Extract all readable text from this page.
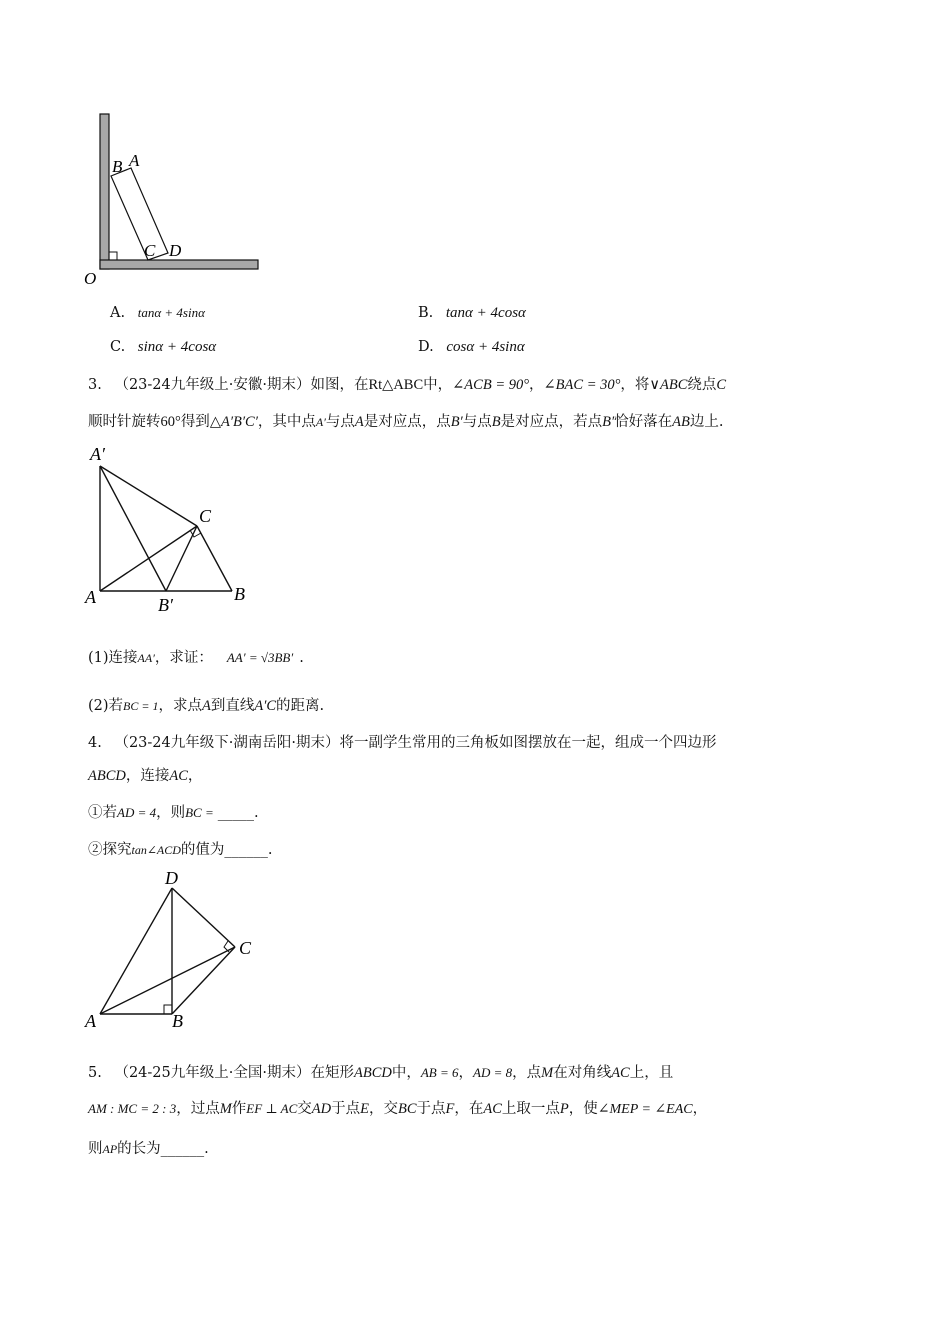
B A
C D
O
A. tanα + 4sinα	B. tanα + 4cosα
C. sinα + 4cosα	D. cosα + 4sinα
3. （23-24九年级上·安徽·期末）如图，在Rt△ABC中，∠ACB = 90°，∠BAC = 30°，将∨ABC绕点C
顺时针旋转60°得到△A′B′C′，其中点A′与点A是对应点，点B′与点B是对应点，若点B′恰好落在AB边上.
A′
C
A	B′
B
(1)连接AA′，求证： AA′ = √3BB′ .
(2)若BC = 1，求点A到直线A′C的距离.
4. （23-24九年级下·湖南岳阳·期末）将一副学生常用的三角板如图摆放在一起，组成一个四边形
ABCD，连接AC，
①若AD = 4，则BC = _____.
②探究tan∠ACD的值为______.
D
C
A	B
5. （24-25九年级上·全国·期末）在矩形ABCD中，AB = 6，AD = 8，点M在对角线AC上，且
AM : MC = 2 : 3，过点M作EF ⊥ AC交AD于点E，交BC于点F，在AC上取一点P，使∠MEP = ∠EAC，
则AP的长为______.
